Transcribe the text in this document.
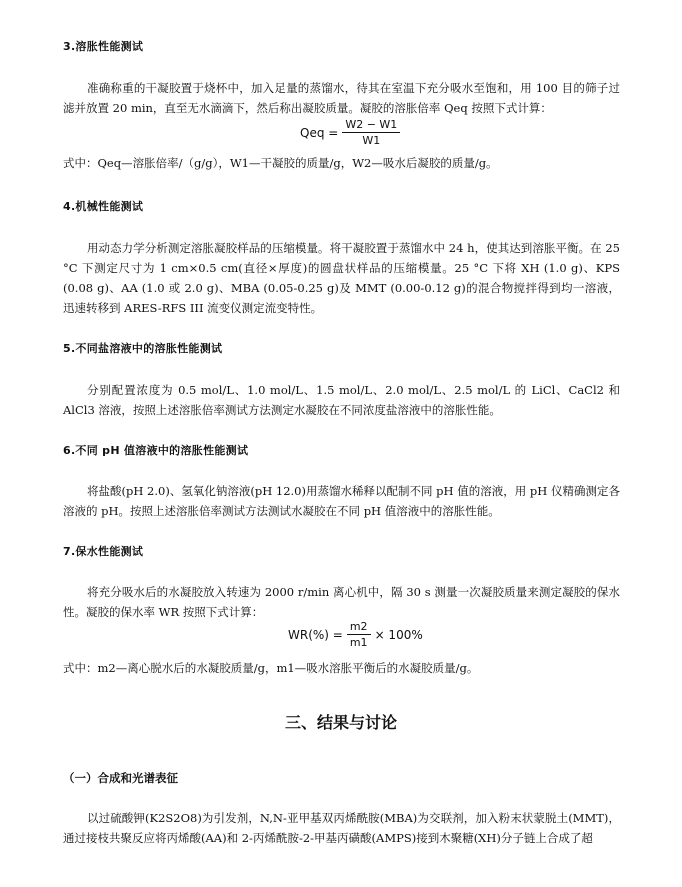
3.溶胀性能测试
准确称重的干凝胶置于烧杯中，加入足量的蒸馏水，待其在室温下充分吸水至饱和，用 100 目的筛子过滤并放置 20 min，直至无水滴滴下，然后称出凝胶质量。凝胶的溶胀倍率 Qeq 按照下式计算：
Qeq = $\frac{W2 - W1}{W1}$
式中：Qeq—溶胀倍率/（g/g），W1—干凝胶的质量/g，W2—吸水后凝胶的质量/g。
4.机械性能测试
用动态力学分析测定溶胀凝胶样品的压缩模量。将干凝胶置于蒸馏水中 24 h，使其达到溶胀平衡。在 25 °C 下测定尺寸为 1 cm×0.5 cm(直径×厚度)的圆盘状样品的压缩模量。25 °C 下将 XH (1.0 g)、KPS (0.08 g)、AA (1.0 或 2.0 g)、MBA (0.05-0.25 g)及 MMT (0.00-0.12 g)的混合物搅拌得到均一溶液，迅速转移到 ARES-RFS III 流变仪测定流变特性。
5.不同盐溶液中的溶胀性能测试
分别配置浓度为 0.5 mol/L、1.0 mol/L、1.5 mol/L、2.0 mol/L、2.5 mol/L 的 LiCl、CaCl2 和 AlCl3 溶液，按照上述溶胀倍率测试方法测定水凝胶在不同浓度盐溶液中的溶胀性能。
6.不同 pH 值溶液中的溶胀性能测试
将盐酸(pH 2.0)、氢氧化钠溶液(pH 12.0)用蒸馏水稀释以配制不同 pH 值的溶液，用 pH 仪精确测定各溶液的 pH。按照上述溶胀倍率测试方法测试水凝胶在不同 pH 值溶液中的溶胀性能。
7.保水性能测试
将充分吸水后的水凝胶放入转速为 2000 r/min 离心机中，隔 30 s 测量一次凝胶质量来测定凝胶的保水性。凝胶的保水率 WR 按照下式计算：
$WR(\%) = \frac{m2}{m1} \times 100\%$
式中：m2—离心脱水后的水凝胶质量/g，m1—吸水溶胀平衡后的水凝胶质量/g。
三、结果与讨论
（一）合成和光谱表征
以过硫酸钾(K2S2O8)为引发剂，N,N-亚甲基双丙烯酰胺(MBA)为交联剂，加入粉末状蒙脱土(MMT)，通过接枝共聚反应将丙烯酸(AA)和 2-丙烯酰胺-2-甲基丙磺酸(AMPS)接到木聚糖(XH)分子链上合成了超
